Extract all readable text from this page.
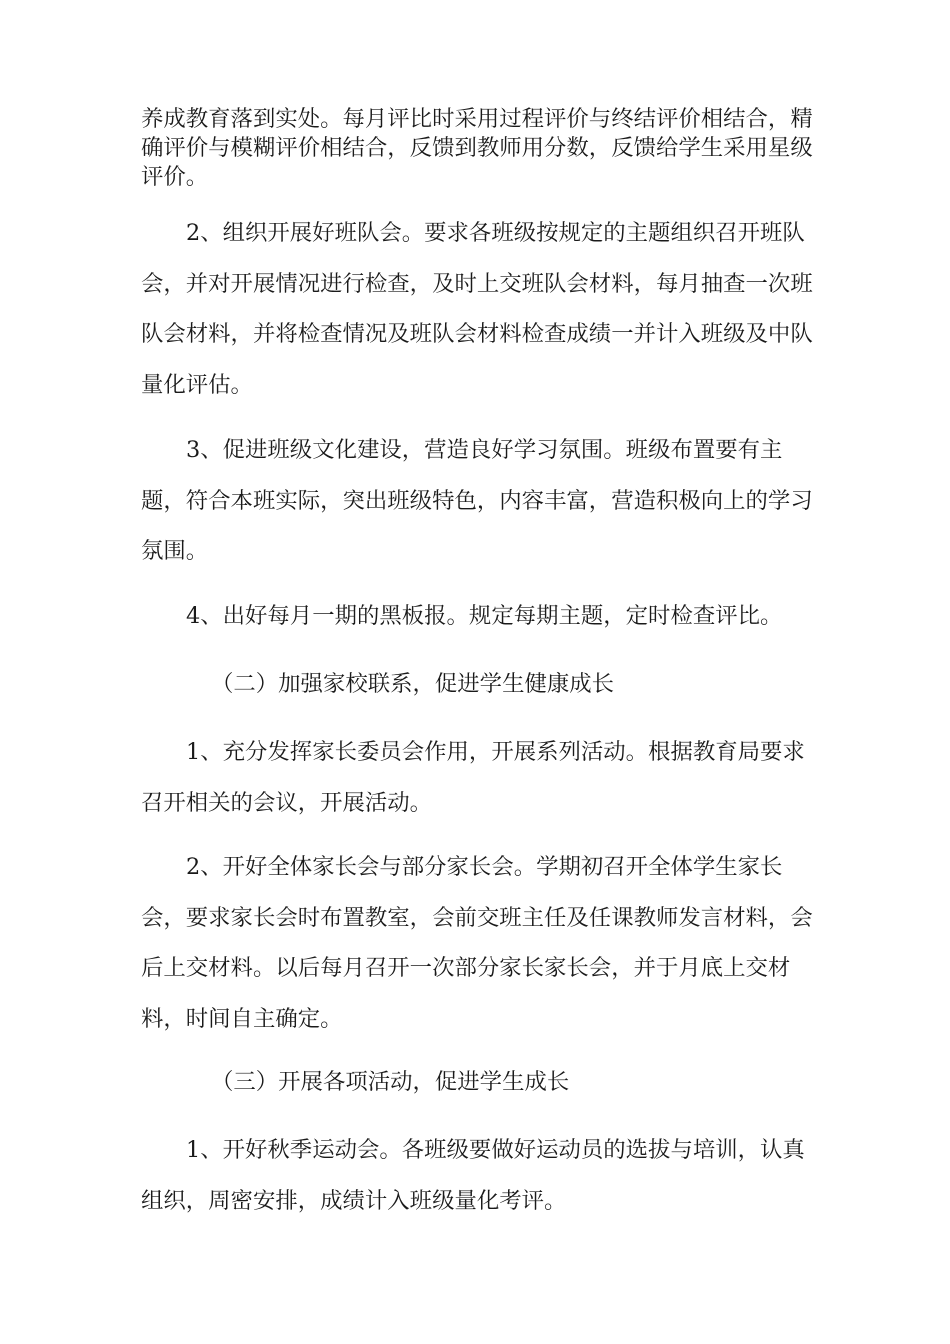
养成教育落到实处。每月评比时采用过程评价与终结评价相结合，精确评价与模糊评价相结合，反馈到教师用分数，反馈给学生采用星级评价。

2、组织开展好班队会。要求各班级按规定的主题组织召开班队会，并对开展情况进行检查，及时上交班队会材料，每月抽查一次班队会材料，并将检查情况及班队会材料检查成绩一并计入班级及中队量化评估。

3、促进班级文化建设，营造良好学习氛围。班级布置要有主题，符合本班实际，突出班级特色，内容丰富，营造积极向上的学习氛围。

4、出好每月一期的黑板报。规定每期主题，定时检查评比。

（二）加强家校联系，促进学生健康成长

1、充分发挥家长委员会作用，开展系列活动。根据教育局要求召开相关的会议，开展活动。

2、开好全体家长会与部分家长会。学期初召开全体学生家长会，要求家长会时布置教室，会前交班主任及任课教师发言材料，会后上交材料。以后每月召开一次部分家长家长会，并于月底上交材料，时间自主确定。

（三）开展各项活动，促进学生成长

1、开好秋季运动会。各班级要做好运动员的选拔与培训，认真组织，周密安排，成绩计入班级量化考评。
